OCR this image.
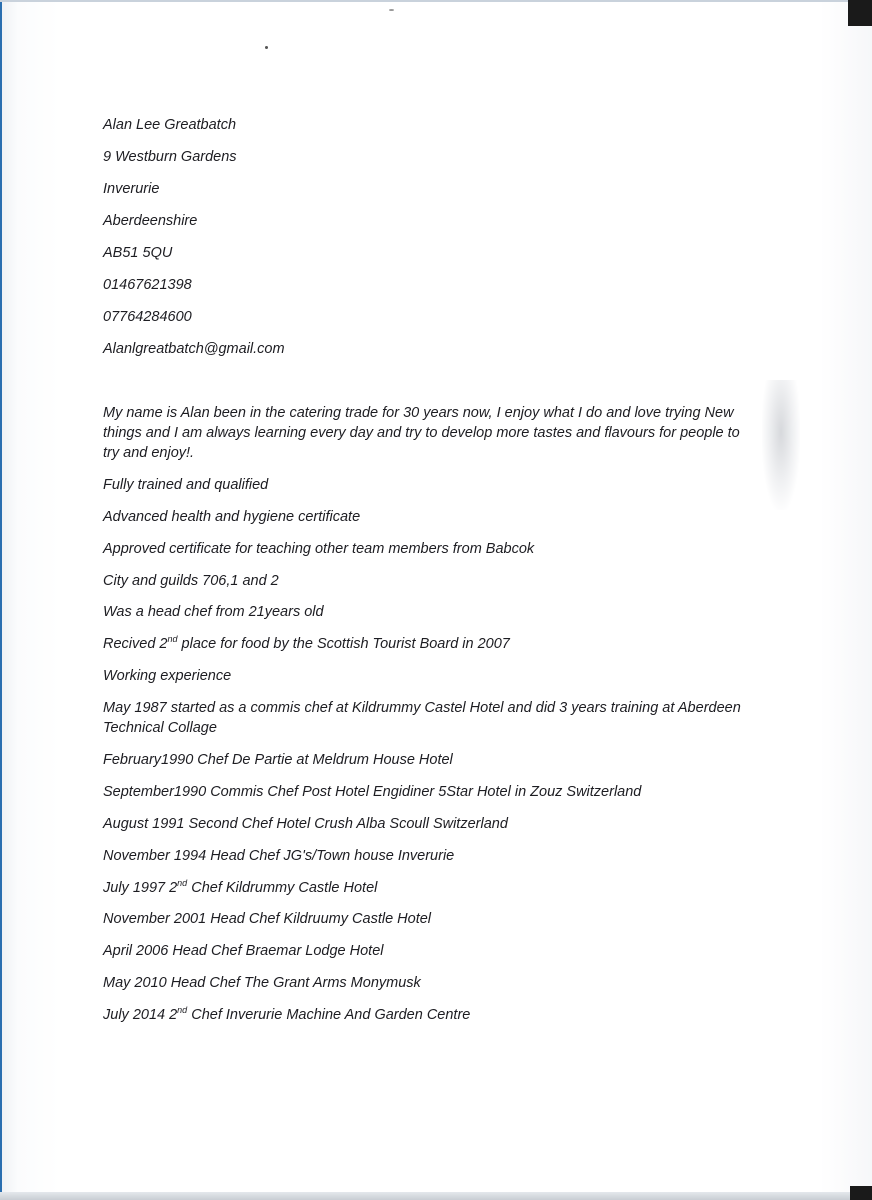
Alan Lee Greatbatch

9 Westburn Gardens

Inverurie

Aberdeenshire

AB51 5QU

01467621398

07764284600

Alanlgreatbatch@gmail.com

My name is Alan been in the catering trade for 30 years now, I enjoy what I do and love trying New things and I am always learning every day and try to develop more tastes and flavours for people to try and enjoy!.

Fully trained and qualified

Advanced health and hygiene certificate

Approved certificate for teaching other team members from Babcok

City and guilds 706,1 and 2

Was a head chef from 21years old

Recived 2nd place for food by the Scottish Tourist Board in 2007

Working experience

May 1987 started as a commis chef at Kildrummy Castel Hotel and did 3 years training at Aberdeen Technical Collage

February1990 Chef De Partie at Meldrum House Hotel

September1990 Commis Chef Post Hotel Engidiner 5Star Hotel in Zouz Switzerland

August 1991 Second Chef Hotel Crush Alba Scoull Switzerland

November 1994 Head Chef JG's/Town house Inverurie

July 1997 2nd Chef Kildrummy Castle Hotel

November 2001 Head Chef Kildruumy Castle Hotel

April 2006 Head Chef Braemar Lodge Hotel

May 2010 Head Chef The Grant Arms Monymusk

July 2014 2nd Chef Inverurie Machine And Garden Centre
